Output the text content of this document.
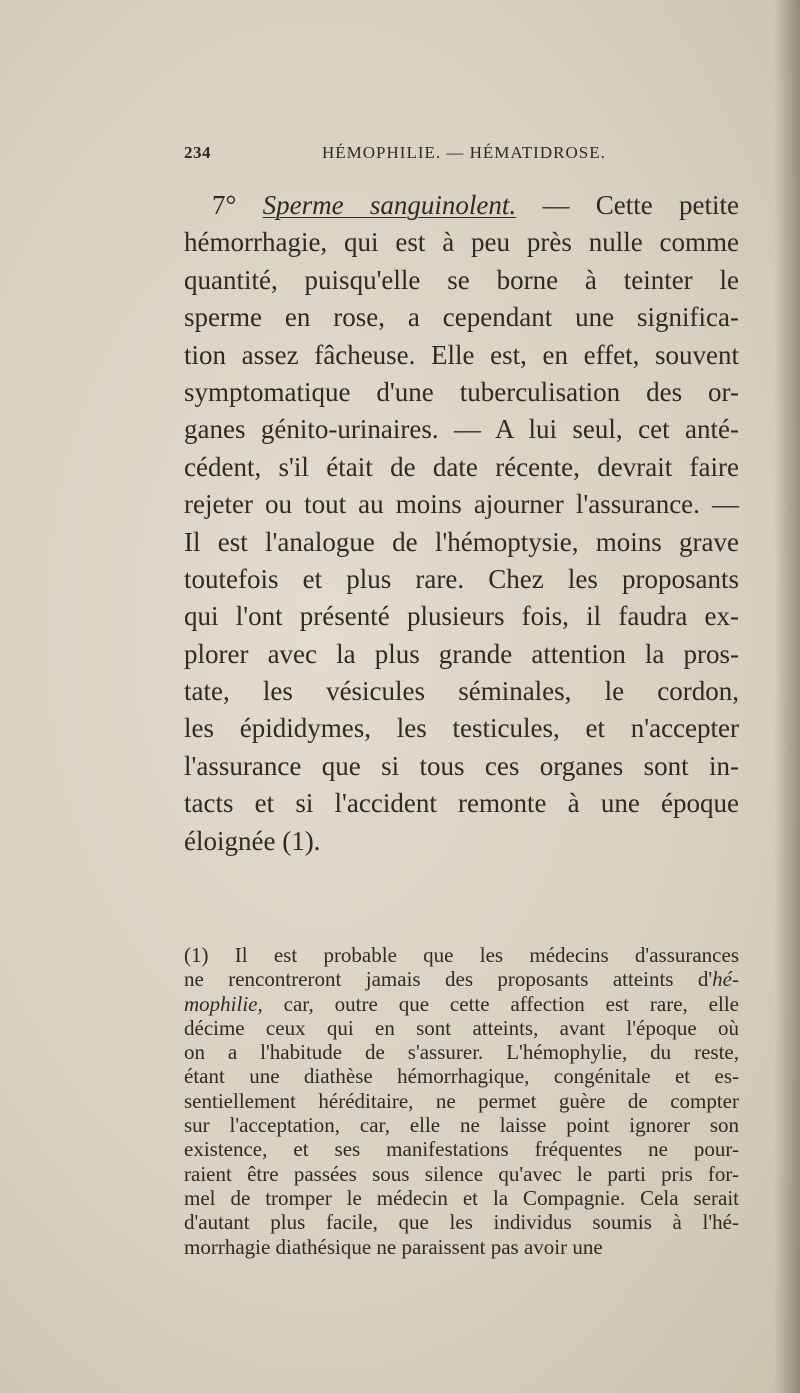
234	HÉMOPHILIE. — HÉMATIDROSE.
7° Sperme sanguinolent. — Cette petite
hémorrhagie, qui est à peu près nulle comme
quantité, puisqu'elle se borne à teinter le
sperme en rose, a cependant une significa-
tion assez fâcheuse. Elle est, en effet, souvent
symptomatique d'une tuberculisation des or-
ganes génito-urinaires. — A lui seul, cet anté-
cédent, s'il était de date récente, devrait faire
rejeter ou tout au moins ajourner l'assurance. —
Il est l'analogue de l'hémoptysie, moins grave
toutefois et plus rare. Chez les proposants
qui l'ont présenté plusieurs fois, il faudra ex-
plorer avec la plus grande attention la pros-
tate, les vésicules séminales, le cordon,
les épididymes, les testicules, et n'accepter
l'assurance que si tous ces organes sont in-
tacts et si l'accident remonte à une époque
éloignée (1).
(1) Il est probable que les médecins d'assurances
ne rencontreront jamais des proposants atteints d'hé-
mophilie, car, outre que cette affection est rare, elle
décime ceux qui en sont atteints, avant l'époque où
on a l'habitude de s'assurer. L'hémophylie, du reste,
étant une diathèse hémorrhagique, congénitale et es-
sentiellement héréditaire, ne permet guère de compter
sur l'acceptation, car, elle ne laisse point ignorer son
existence, et ses manifestations fréquentes ne pour-
raient être passées sous silence qu'avec le parti pris for-
mel de tromper le médecin et la Compagnie. Cela serait
d'autant plus facile, que les individus soumis à l'hé-
morrhagie diathésique ne paraissent pas avoir une
